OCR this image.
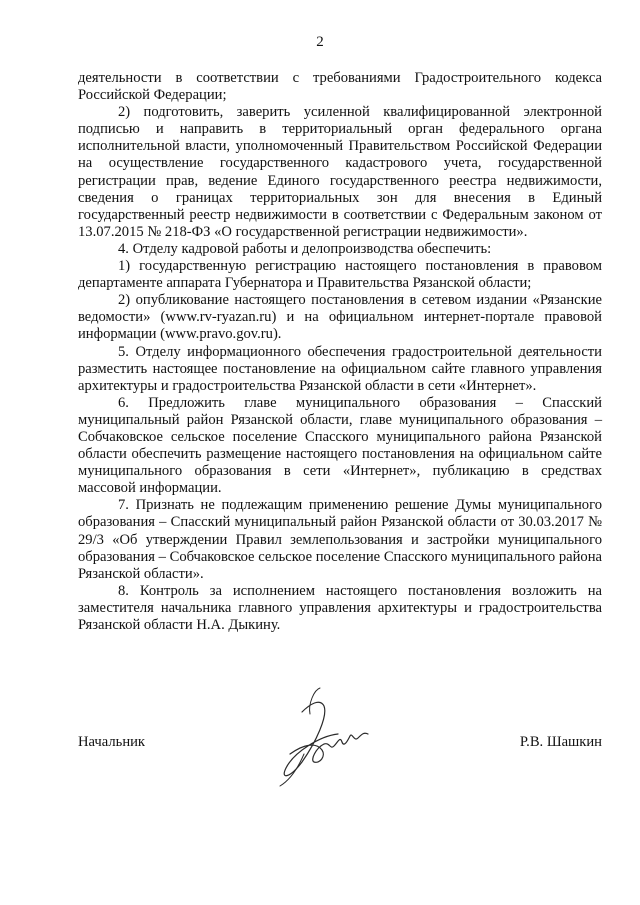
2

деятельности в соответствии с требованиями Градостроительного кодекса Российской Федерации;

2) подготовить, заверить усиленной квалифицированной электронной подписью и направить в территориальный орган федерального органа исполнительной власти, уполномоченный Правительством Российской Федерации на осуществление государственного кадастрового учета, государственной регистрации прав, ведение Единого государственного реестра недвижимости, сведения о границах территориальных зон для внесения в Единый государственный реестр недвижимости в соответствии с Федеральным законом от 13.07.2015 № 218-ФЗ «О государственной регистрации недвижимости».

4. Отделу кадровой работы и делопроизводства обеспечить:

1) государственную регистрацию настоящего постановления в правовом департаменте аппарата Губернатора и Правительства Рязанской области;

2) опубликование настоящего постановления в сетевом издании «Рязанские ведомости» (www.rv-ryazan.ru) и на официальном интернет-портале правовой информации (www.pravo.gov.ru).

5. Отделу информационного обеспечения градостроительной деятельности разместить настоящее постановление на официальном сайте главного управления архитектуры и градостроительства Рязанской области в сети «Интернет».

6. Предложить главе муниципального образования – Спасский муниципальный район Рязанской области, главе муниципального образования – Собчаковское сельское поселение Спасского муниципального района Рязанской области обеспечить размещение настоящего постановления на официальном сайте муниципального образования в сети «Интернет», публикацию в средствах массовой информации.

7. Признать не подлежащим применению решение Думы муниципального образования – Спасский муниципальный район Рязанской области от 30.03.2017 № 29/3 «Об утверждении Правил землепользования и застройки муниципального образования – Собчаковское сельское поселение Спасского муниципального района Рязанской области».

8. Контроль за исполнением настоящего постановления возложить на заместителя начальника главного управления архитектуры и градостроительства Рязанской области Н.А. Дыкину.

Начальник	Р.В. Шашкин
